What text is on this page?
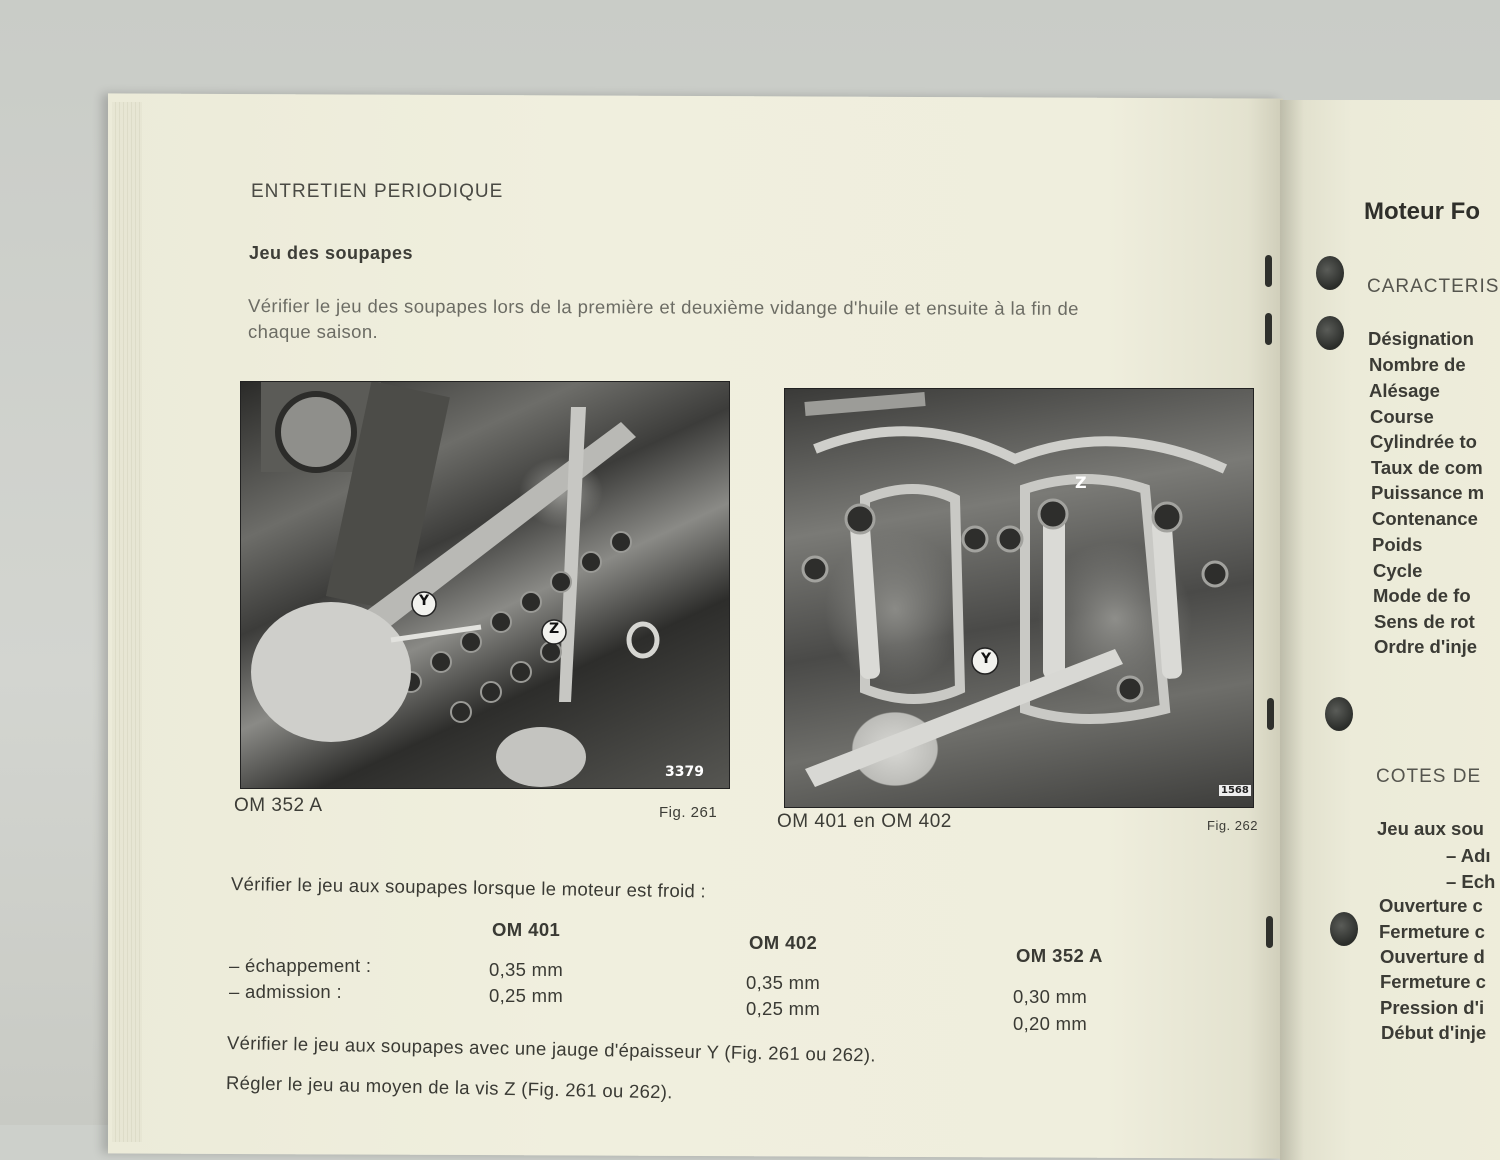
ENTRETIEN PERIODIQUE
Jeu des soupapes
Vérifier le jeu des soupapes lors de la première et deuxième vidange d'huile et ensuite à la fin de
chaque saison.
Y
Z
3379
OM 352 A	Fig. 261
Y
Z
1568
OM 401 en OM 402	Fig. 262
Vérifier le jeu aux soupapes lorsque le moteur est froid :
OM 401
OM 402
OM 352 A
– échappement :
– admission :
0,35 mm
0,25 mm
0,35 mm
0,25 mm
0,30 mm
0,20 mm
Vérifier le jeu aux soupapes avec une jauge d'épaisseur Y (Fig. 261 ou 262).
Régler le jeu au moyen de la vis Z (Fig. 261 ou 262).
Moteur Fo
CARACTERIS
Désignation
Nombre de
Alésage
Course
Cylindrée to
Taux de com
Puissance m
Contenance
Poids
Cycle
Mode de fo
Sens de rot
Ordre d'inje
COTES DE
Jeu aux sou
– Adı
– Ech
Ouverture c
Fermeture c
Ouverture d
Fermeture c
Pression d'i
Début d'inje
